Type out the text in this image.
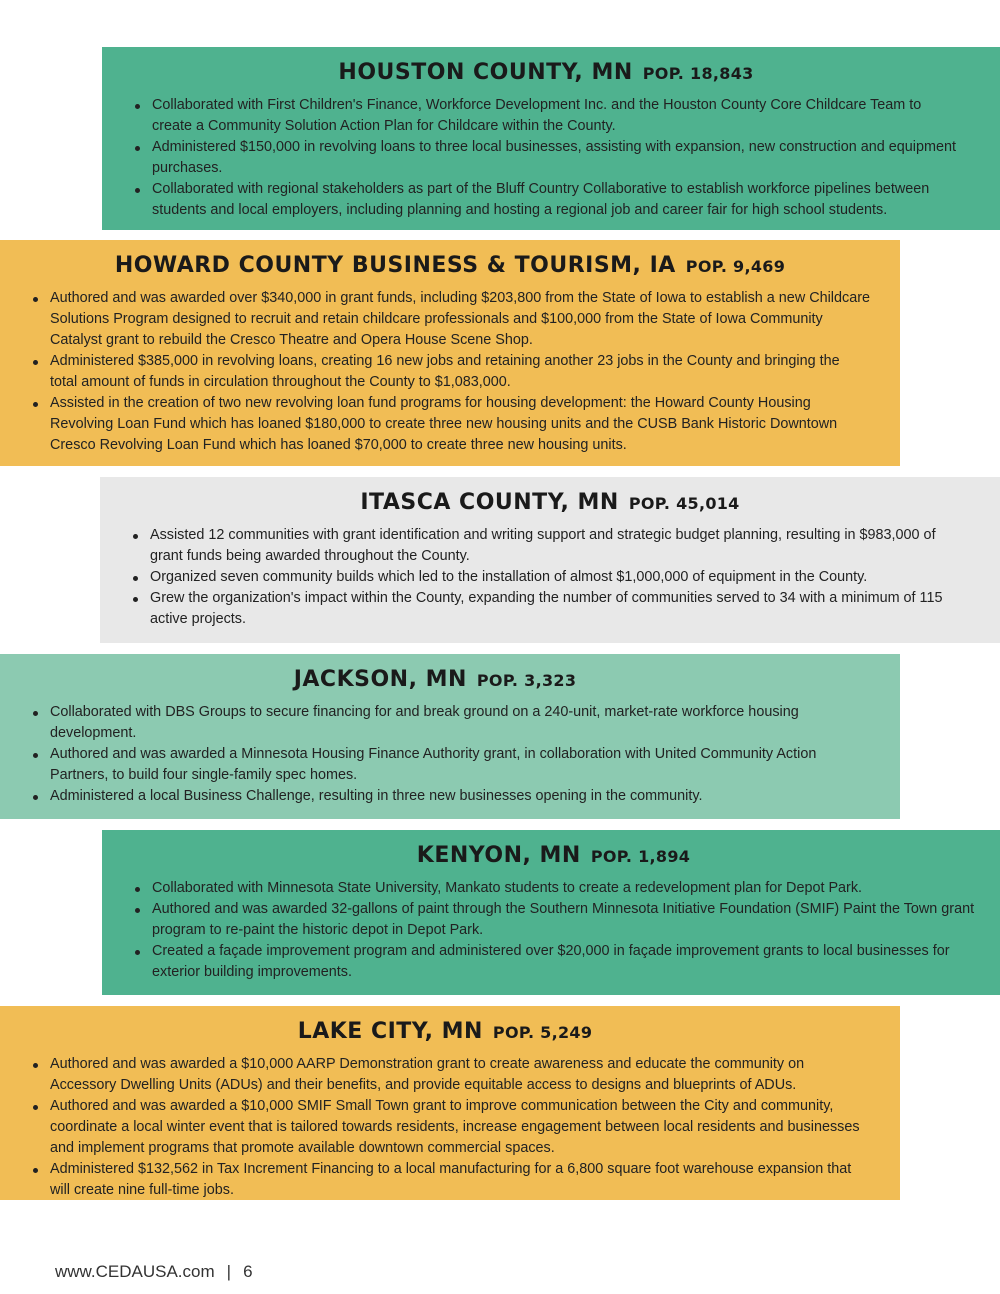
HOUSTON COUNTY, MN POP. 18,843
Collaborated with First Children's Finance, Workforce Development Inc. and the Houston County Core Childcare Team to create a Community Solution Action Plan for Childcare within the County.
Administered $150,000 in revolving loans to three local businesses, assisting with expansion, new construction and equipment purchases.
Collaborated with regional stakeholders as part of the Bluff Country Collaborative to establish workforce pipelines between students and local employers, including planning and hosting a regional job and career fair for high school students.
HOWARD COUNTY BUSINESS & TOURISM, IA POP. 9,469
Authored and was awarded over $340,000 in grant funds, including $203,800 from the State of Iowa to establish a new Childcare Solutions Program designed to recruit and retain childcare professionals and $100,000 from the State of Iowa Community Catalyst grant to rebuild the Cresco Theatre and Opera House Scene Shop.
Administered $385,000 in revolving loans, creating 16 new jobs and retaining another 23 jobs in the County and bringing the total amount of funds in circulation throughout the County to $1,083,000.
Assisted in the creation of two new revolving loan fund programs for housing development: the Howard County Housing Revolving Loan Fund which has loaned $180,000 to create three new housing units and the CUSB Bank Historic Downtown Cresco Revolving Loan Fund which has loaned $70,000 to create three new housing units.
ITASCA COUNTY, MN POP. 45,014
Assisted 12 communities with grant identification and writing support and strategic budget planning, resulting in $983,000 of grant funds being awarded throughout the County.
Organized seven community builds which led to the installation of almost $1,000,000 of equipment in the County.
Grew the organization's impact within the County, expanding the number of communities served to 34 with a minimum of 115 active projects.
JACKSON, MN POP. 3,323
Collaborated with DBS Groups to secure financing for and break ground on a 240-unit, market-rate workforce housing development.
Authored and was awarded a Minnesota Housing Finance Authority grant, in collaboration with United Community Action Partners, to build four single-family spec homes.
Administered a local Business Challenge, resulting in three new businesses opening in the community.
KENYON, MN POP. 1,894
Collaborated with Minnesota State University, Mankato students to create a redevelopment plan for Depot Park.
Authored and was awarded 32-gallons of paint through the Southern Minnesota Initiative Foundation (SMIF) Paint the Town grant program to re-paint the historic depot in Depot Park.
Created a façade improvement program and administered over $20,000 in façade improvement grants to local businesses for exterior building improvements.
LAKE CITY, MN POP. 5,249
Authored and was awarded a $10,000 AARP Demonstration grant to create awareness and educate the community on Accessory Dwelling Units (ADUs) and their benefits, and provide equitable access to designs and blueprints of ADUs.
Authored and was awarded a $10,000 SMIF Small Town grant to improve communication between the City and community, coordinate a local winter event that is tailored towards residents, increase engagement between local residents and businesses and implement programs that promote available downtown commercial spaces.
Administered $132,562 in Tax Increment Financing to a local manufacturing for a 6,800 square foot warehouse expansion that will create nine full-time jobs.
www.CEDAUSA.com | 6
